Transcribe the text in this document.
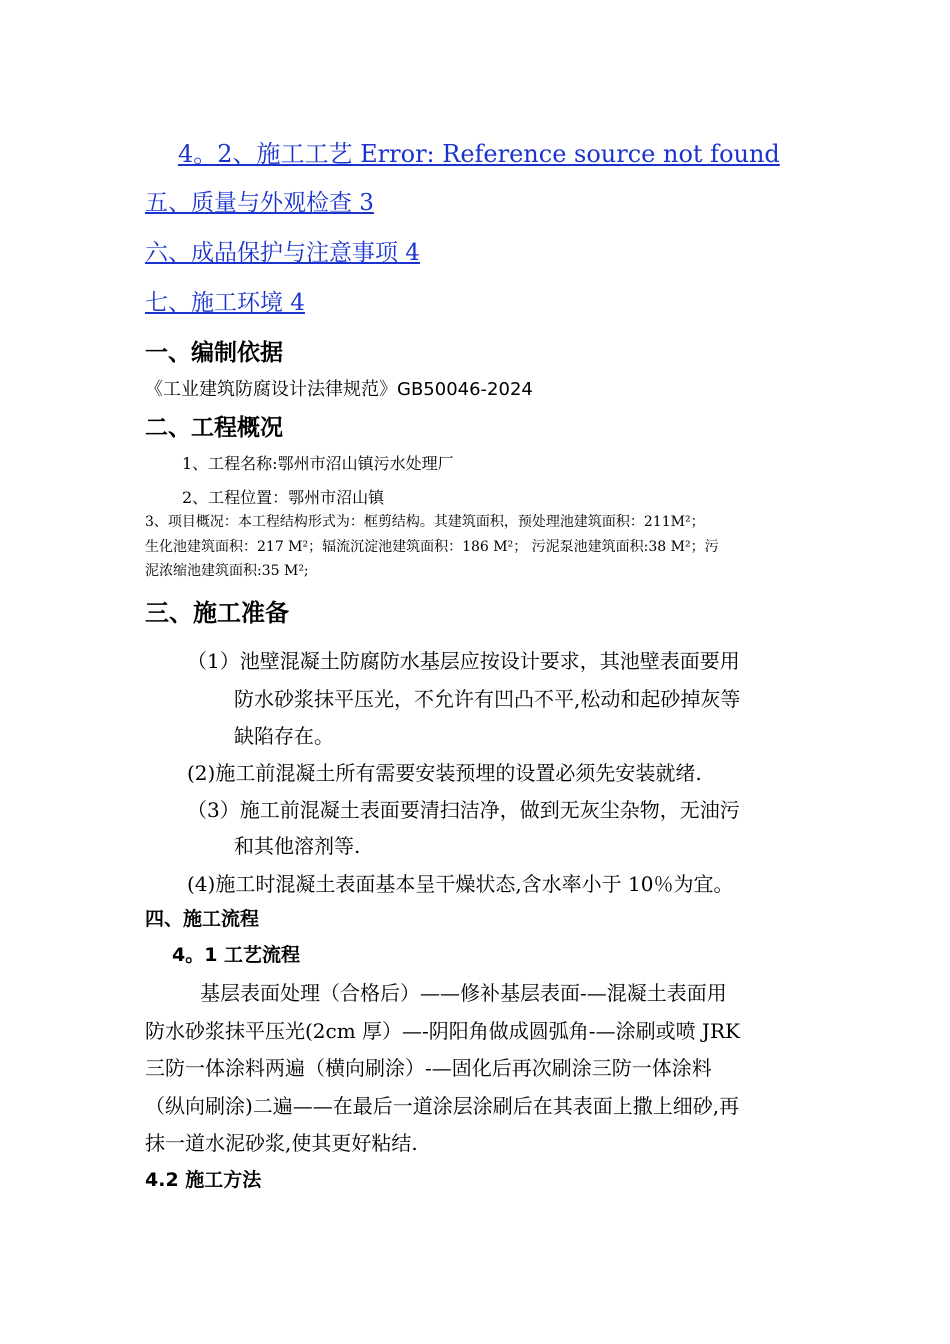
4。2、施工工艺 Error: Reference source not found
五、质量与外观检查 3
六、成品保护与注意事项 4
七、施工环境 4
一、编制依据
《工业建筑防腐设计法律规范》GB50046-2024
二、工程概况
1、工程名称:鄂州市沼山镇污水处理厂
2、工程位置：鄂州市沼山镇
3、项目概况：本工程结构形式为：框剪结构。其建筑面积，预处理池建筑面积：211M²；
生化池建筑面积：217 M²；辐流沉淀池建筑面积：186 M²； 污泥泵池建筑面积:38 M²；污
泥浓缩池建筑面积:35 M²;
三、施工准备
（1）池壁混凝土防腐防水基层应按设计要求，其池壁表面要用
防水砂浆抹平压光，不允许有凹凸不平,松动和起砂掉灰等
缺陷存在。
(2)施工前混凝土所有需要安装预埋的设置必须先安装就绪.
（3）施工前混凝土表面要清扫洁净，做到无灰尘杂物，无油污
和其他溶剂等.
(4)施工时混凝土表面基本呈干燥状态,含水率小于 10％为宜。
四、施工流程
4。1 工艺流程
基层表面处理（合格后）——修补基层表面-—混凝土表面用
防水砂浆抹平压光(2cm 厚）—-阴阳角做成圆弧角-—涂刷或喷 JRK
三防一体涂料两遍（横向刷涂）-—固化后再次刷涂三防一体涂料
（纵向刷涂)二遍——在最后一道涂层涂刷后在其表面上撒上细砂,再
抹一道水泥砂浆,使其更好粘结.
4.2 施工方法
